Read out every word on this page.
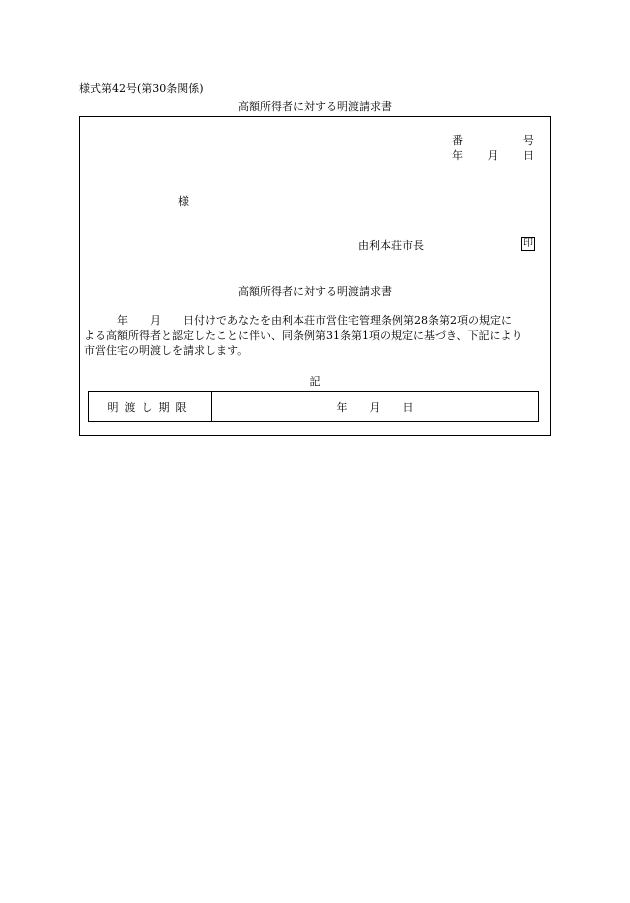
様式第42号(第30条関係)
高額所得者に対する明渡請求書
番	号
年 月 日
様
由利本荘市長	印
高額所得者に対する明渡請求書
　　　年　　月　　日付けであなたを由利本荘市営住宅管理条例第28条第2項の規定に
よる高額所得者と認定したことに伴い、同条例第31条第1項の規定に基づき、下記により
市営住宅の明渡しを請求します。
記
明渡し期限	年　　月　　日
